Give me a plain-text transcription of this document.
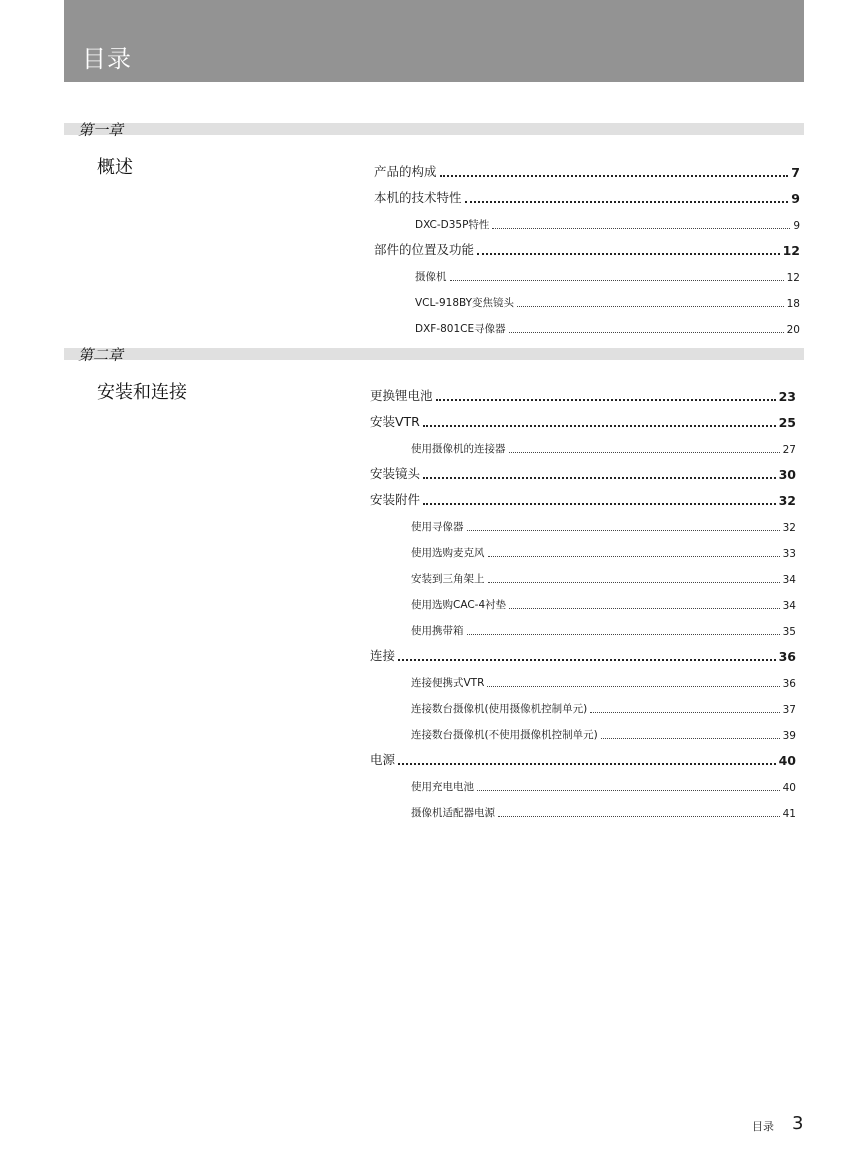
目录
第一章
概述
第二章
安装和连接
产品的构成	7
本机的技术特性	9
DXC-D35P特性	9
部件的位置及功能	12
摄像机	12
VCL-918BY变焦镜头	18
DXF-801CE寻像器	20
更换锂电池	23
安装VTR	25
使用摄像机的连接器	27
安装镜头	30
安装附件	32
使用寻像器	32
使用选购麦克风	33
安装到三角架上	34
使用选购CAC-4衬垫	34
使用携带箱	35
连接	36
连接便携式VTR	36
连接数台摄像机(使用摄像机控制单元)	37
连接数台摄像机(不使用摄像机控制单元)	39
电源	40
使用充电电池	40
摄像机适配器电源	41
目录 3
